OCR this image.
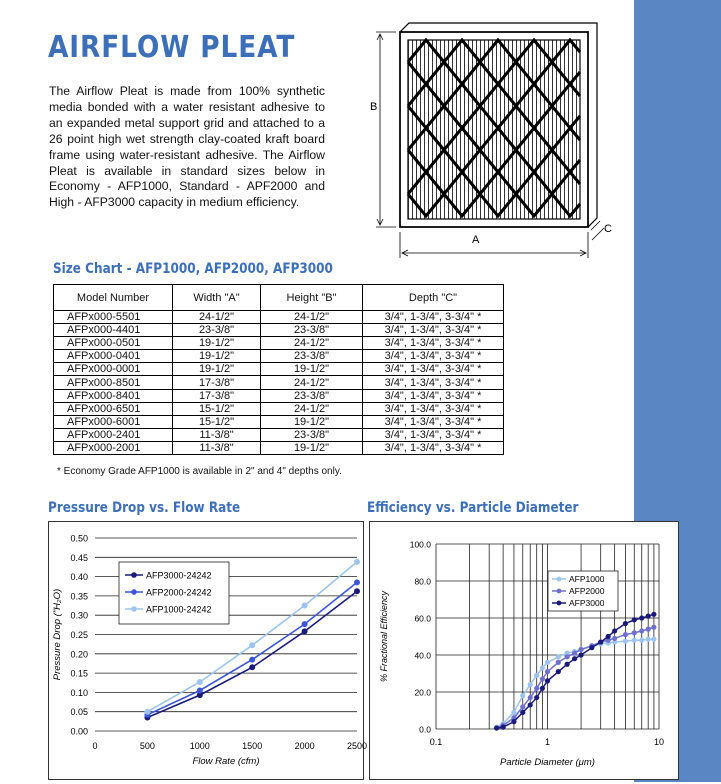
AIRFLOW PLEAT
The Airflow Pleat is made from 100% synthetic media bonded with a water resistant adhesive to an expanded metal support grid and attached to a 26 point high wet strength clay-coated kraft board frame using water-resistant adhesive. The Airflow Pleat is available in standard sizes below in Economy - AFP1000, Standard - APF2000 and High - AFP3000 capacity in medium efficiency.
B
A
C
Size Chart - AFP1000, AFP2000, AFP3000
Model Number	Width "A"	Height "B"	Depth "C"
AFPx000-5501	24-1/2"	24-1/2"	3/4", 1-3/4", 3-3/4" *
AFPx000-4401	23-3/8"	23-3/8"	3/4", 1-3/4", 3-3/4" *
AFPx000-0501	19-1/2"	24-1/2"	3/4", 1-3/4", 3-3/4" *
AFPx000-0401	19-1/2"	23-3/8"	3/4", 1-3/4", 3-3/4" *
AFPx000-0001	19-1/2"	19-1/2"	3/4", 1-3/4", 3-3/4" *
AFPx000-8501	17-3/8"	24-1/2"	3/4", 1-3/4", 3-3/4" *
AFPx000-8401	17-3/8"	23-3/8"	3/4", 1-3/4", 3-3/4" *
AFPx000-6501	15-1/2"	24-1/2"	3/4", 1-3/4", 3-3/4" *
AFPx000-6001	15-1/2"	19-1/2"	3/4", 1-3/4", 3-3/4" *
AFPx000-2401	11-3/8"	23-3/8"	3/4", 1-3/4", 3-3/4" *
AFPx000-2001	11-3/8"	19-1/2"	3/4", 1-3/4", 3-3/4" *
* Economy Grade AFP1000 is available in 2" and 4" depths only.
Pressure Drop vs. Flow Rate	Efficiency vs. Particle Diameter
0.00
0.05
0.10
0.15
0.20
0.25
0.30
0.35
0.40
0.45
0.50
0	500	1000	1500	2000	2500
Flow Rate (cfm)
Pressure Drop ("H₂O)
AFP3000-24242
AFP2000-24242
AFP1000-24242
0.0
20.0
40.0
60.0
80.0
100.0
0.1	1	10
Particle Diameter (μm)
% Fractional Efficiency
AFP1000
AFP2000
AFP3000
